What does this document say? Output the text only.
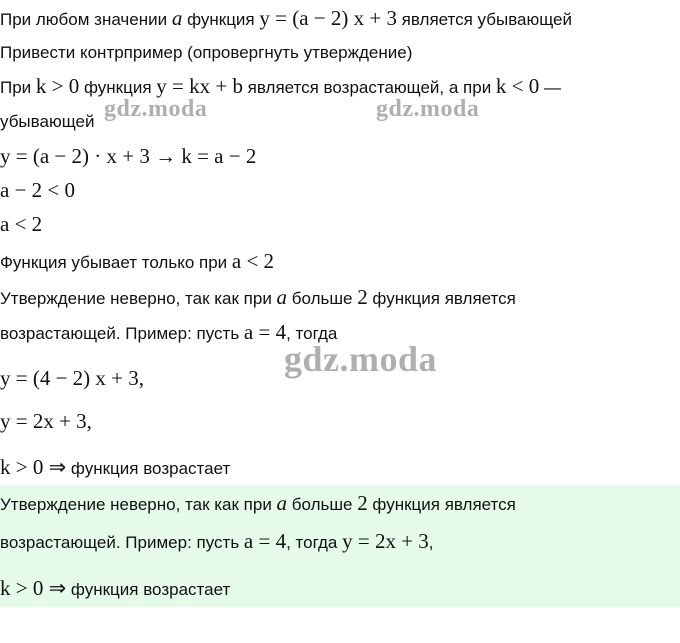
При любом значении a функция y = (a − 2) x + 3 является убывающей
Привести контрпример (опровергнуть утверждение)
При k > 0 функция y = kx + b является возрастающей, а при k < 0 —
убывающей
y = (a − 2) · x + 3 → k = a − 2
a − 2 < 0
a < 2
Функция убывает только при a < 2
Утверждение неверно, так как при a больше 2 функция является
возрастающей. Пример: пусть a = 4, тогда
y = (4 − 2) x + 3,
y = 2x + 3,
k > 0 ⇒ функция возрастает
Утверждение неверно, так как при a больше 2 функция является
возрастающей. Пример: пусть a = 4, тогда y = 2x + 3,
k > 0 ⇒ функция возрастает
gdz.moda	gdz.moda
gdz.moda
